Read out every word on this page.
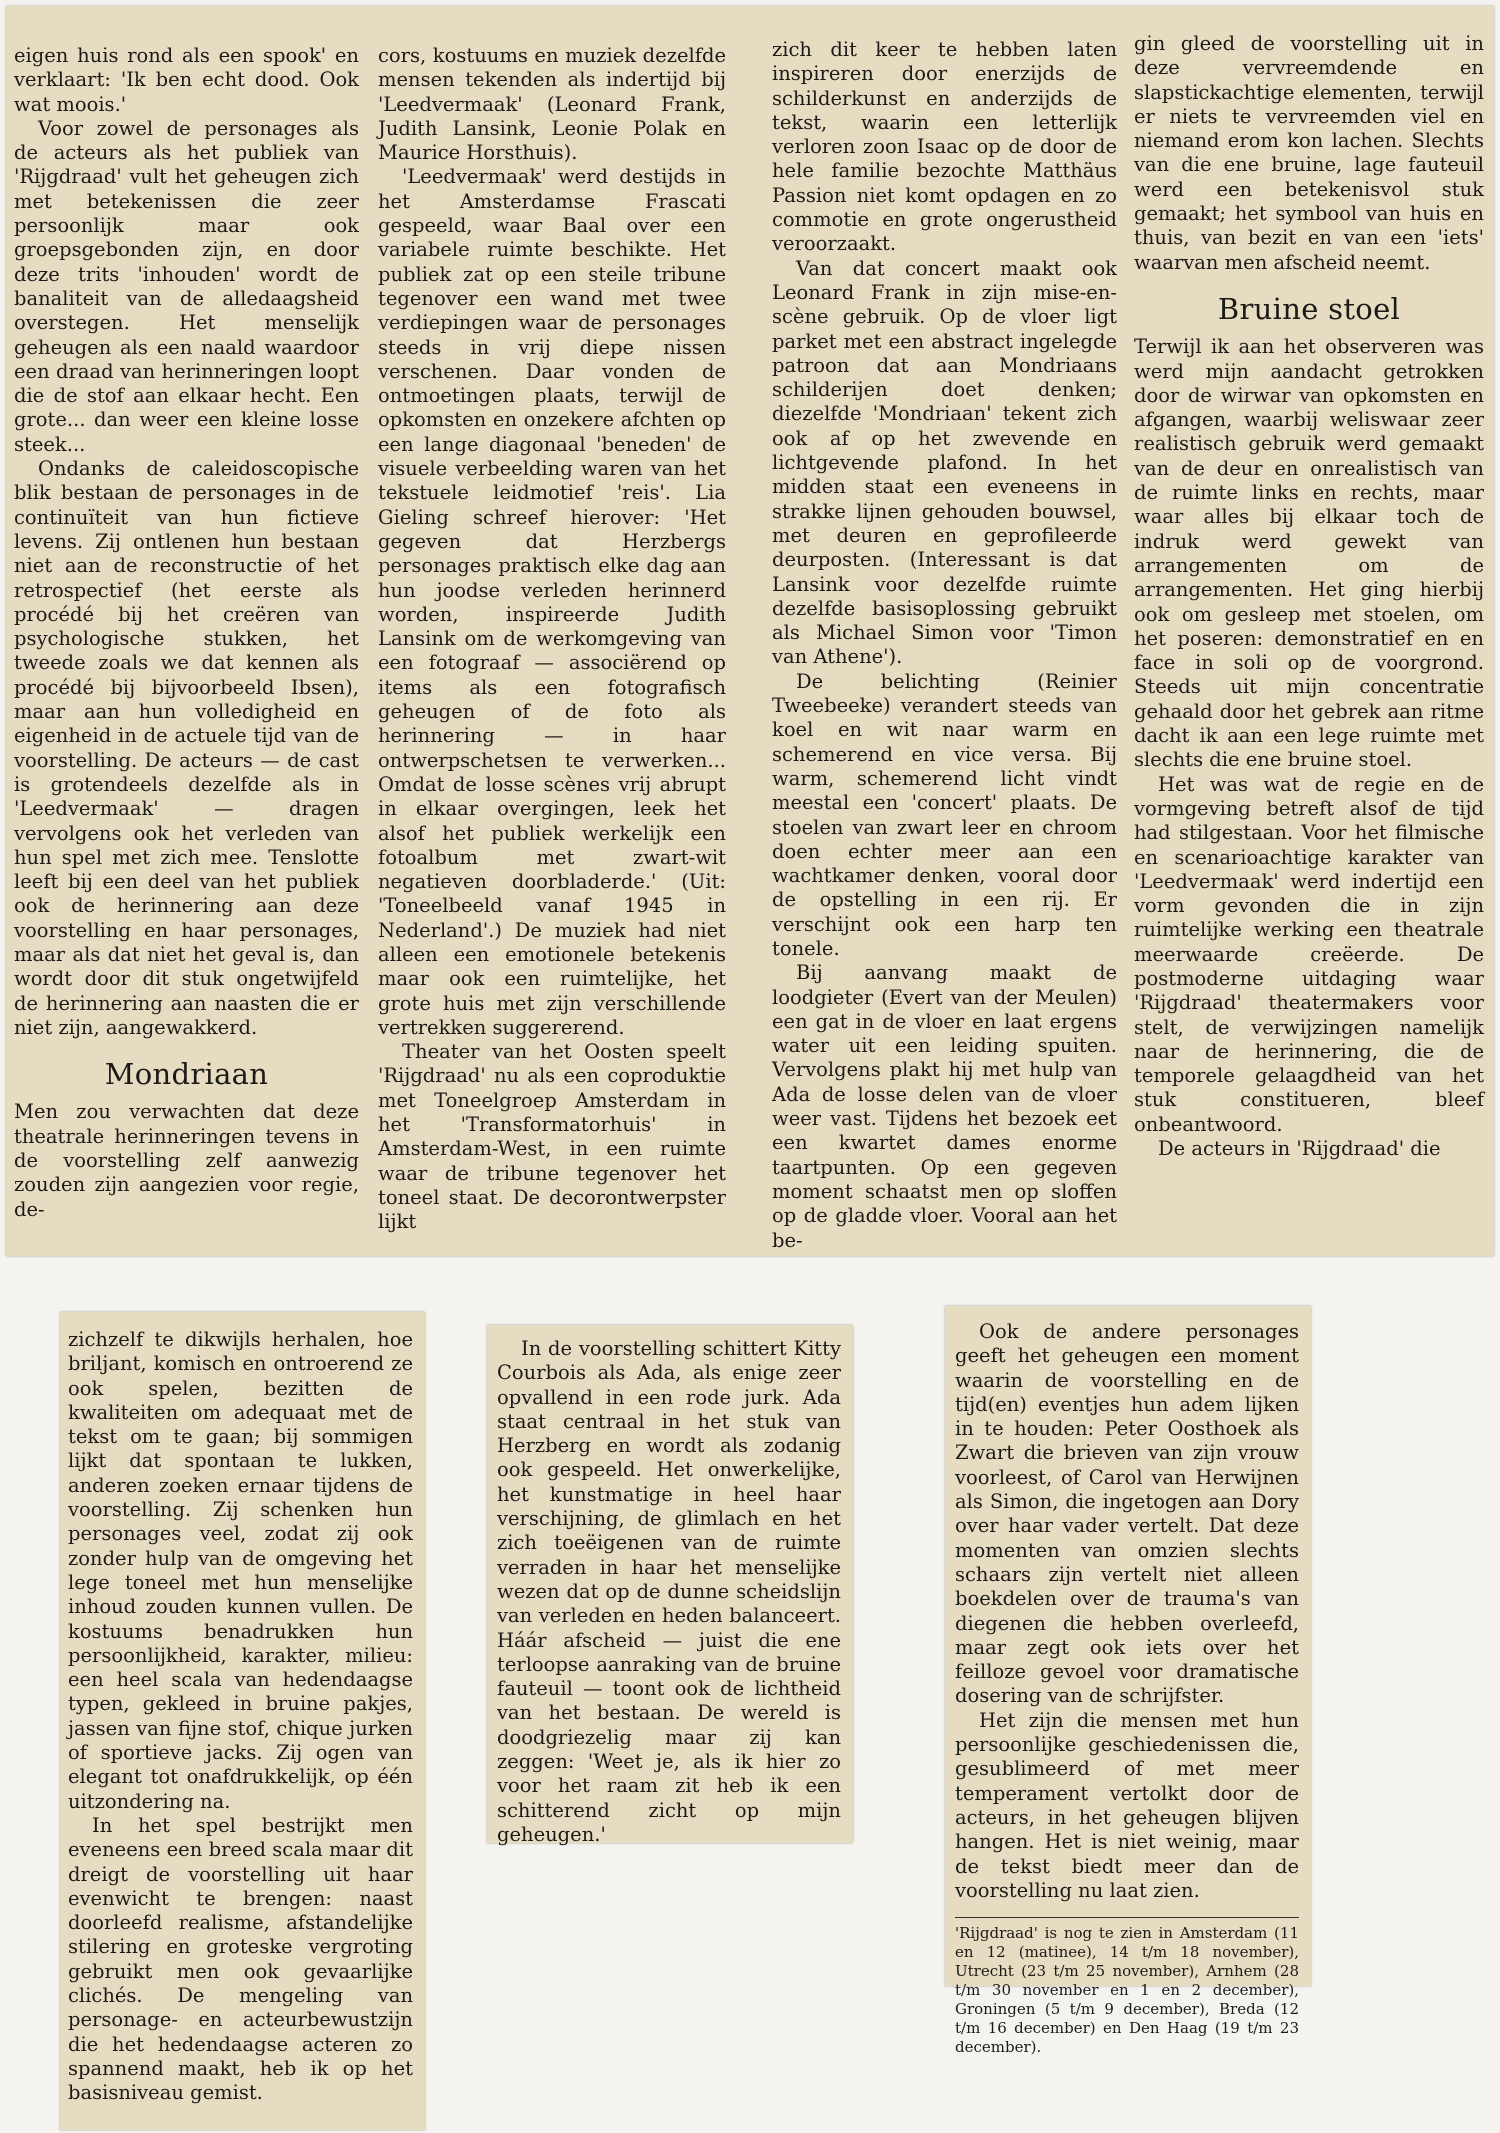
eigen huis rond als een spook' en verklaart: 'Ik ben echt dood. Ook wat moois.'

Voor zowel de personages als de acteurs als het publiek van 'Rijgdraad' vult het geheugen zich met betekenissen die zeer persoonlijk maar ook groepsgebonden zijn, en door deze trits 'inhouden' wordt de banaliteit van de alledaagsheid overstegen. Het menselijk geheugen als een naald waardoor een draad van herinneringen loopt die de stof aan elkaar hecht. Een grote... dan weer een kleine losse steek...

Ondanks de caleidoscopische blik bestaan de personages in de continuïteit van hun fictieve levens. Zij ontlenen hun bestaan niet aan de reconstructie of het retrospectief (het eerste als procédé bij het creëren van psychologische stukken, het tweede zoals we dat kennen als procédé bij bijvoorbeeld Ibsen), maar aan hun volledigheid en eigenheid in de actuele tijd van de voorstelling. De acteurs — de cast is grotendeels dezelfde als in 'Leedvermaak' — dragen vervolgens ook het verleden van hun spel met zich mee. Tenslotte leeft bij een deel van het publiek ook de herinnering aan deze voorstelling en haar personages, maar als dat niet het geval is, dan wordt door dit stuk ongetwijfeld de herinnering aan naasten die er niet zijn, aangewakkerd.

Mondriaan

Men zou verwachten dat deze theatrale herinneringen tevens in de voorstelling zelf aanwezig zouden zijn aangezien voor regie, de-

cors, kostuums en muziek dezelfde mensen tekenden als indertijd bij 'Leedvermaak' (Leonard Frank, Judith Lansink, Leonie Polak en Maurice Horsthuis).

'Leedvermaak' werd destijds in het Amsterdamse Frascati gespeeld, waar Baal over een variabele ruimte beschikte. Het publiek zat op een steile tribune tegenover een wand met twee verdiepingen waar de personages steeds in vrij diepe nissen verschenen. Daar vonden de ontmoetingen plaats, terwijl de opkomsten en onzekere afchten op een lange diagonaal 'beneden' de visuele verbeelding waren van het tekstuele leidmotief 'reis'. Lia Gieling schreef hierover: 'Het gegeven dat Herzbergs personages praktisch elke dag aan hun joodse verleden herinnerd worden, inspireerde Judith Lansink om de werkomgeving van een fotograaf — associërend op items als een fotografisch geheugen of de foto als herinnering — in haar ontwerpschetsen te verwerken... Omdat de losse scènes vrij abrupt in elkaar overgingen, leek het alsof het publiek werkelijk een fotoalbum met zwart-wit negatieven doorbladerde.' (Uit: 'Toneelbeeld vanaf 1945 in Nederland'.) De muziek had niet alleen een emotionele betekenis maar ook een ruimtelijke, het grote huis met zijn verschillende vertrekken suggererend.

Theater van het Oosten speelt 'Rijgdraad' nu als een coproduktie met Toneelgroep Amsterdam in het 'Transformatorhuis' in Amsterdam-West, in een ruimte waar de tribune tegenover het toneel staat. De decorontwerpster lijkt

zich dit keer te hebben laten inspireren door enerzijds de schilderkunst en anderzijds de tekst, waarin een letterlijk verloren zoon Isaac op de door de hele familie bezochte Matthäus Passion niet komt opdagen en zo commotie en grote ongerustheid veroorzaakt.

Van dat concert maakt ook Leonard Frank in zijn mise-en-scène gebruik. Op de vloer ligt parket met een abstract ingelegde patroon dat aan Mondriaans schilderijen doet denken; diezelfde 'Mondriaan' tekent zich ook af op het zwevende en lichtgevende plafond. In het midden staat een eveneens in strakke lijnen gehouden bouwsel, met deuren en geprofileerde deurposten. (Interessant is dat Lansink voor dezelfde ruimte dezelfde basisoplossing gebruikt als Michael Simon voor 'Timon van Athene').

De belichting (Reinier Tweebeeke) verandert steeds van koel en wit naar warm en schemerend en vice versa. Bij warm, schemerend licht vindt meestal een 'concert' plaats. De stoelen van zwart leer en chroom doen echter meer aan een wachtkamer denken, vooral door de opstelling in een rij. Er verschijnt ook een harp ten tonele.

Bij aanvang maakt de loodgieter (Evert van der Meulen) een gat in de vloer en laat ergens water uit een leiding spuiten. Vervolgens plakt hij met hulp van Ada de losse delen van de vloer weer vast. Tijdens het bezoek eet een kwartet dames enorme taartpunten. Op een gegeven moment schaatst men op sloffen op de gladde vloer. Vooral aan het be-

gin gleed de voorstelling uit in deze vervreemdende en slapstickachtige elementen, terwijl er niets te vervreemden viel en niemand erom kon lachen. Slechts van die ene bruine, lage fauteuil werd een betekenisvol stuk gemaakt; het symbool van huis en thuis, van bezit en van een 'iets' waarvan men afscheid neemt.

Bruine stoel

Terwijl ik aan het observeren was werd mijn aandacht getrokken door de wirwar van opkomsten en afgangen, waarbij weliswaar zeer realistisch gebruik werd gemaakt van de deur en onrealistisch van de ruimte links en rechts, maar waar alles bij elkaar toch de indruk werd gewekt van arrangementen om de arrangementen. Het ging hierbij ook om gesleep met stoelen, om het poseren: demonstratief en en face in soli op de voorgrond. Steeds uit mijn concentratie gehaald door het gebrek aan ritme dacht ik aan een lege ruimte met slechts die ene bruine stoel.

Het was wat de regie en de vormgeving betreft alsof de tijd had stilgestaan. Voor het filmische en scenarioachtige karakter van 'Leedvermaak' werd indertijd een vorm gevonden die in zijn ruimtelijke werking een theatrale meerwaarde creëerde. De postmoderne uitdaging waar 'Rijgdraad' theatermakers voor stelt, de verwijzingen namelijk naar de herinnering, die de temporele gelaagdheid van het stuk constitueren, bleef onbeantwoord.

De acteurs in 'Rijgdraad' die

zichzelf te dikwijls herhalen, hoe briljant, komisch en ontroerend ze ook spelen, bezitten de kwaliteiten om adequaat met de tekst om te gaan; bij sommigen lijkt dat spontaan te lukken, anderen zoeken ernaar tijdens de voorstelling. Zij schenken hun personages veel, zodat zij ook zonder hulp van de omgeving het lege toneel met hun menselijke inhoud zouden kunnen vullen. De kostuums benadrukken hun persoonlijkheid, karakter, milieu: een heel scala van hedendaagse typen, gekleed in bruine pakjes, jassen van fijne stof, chique jurken of sportieve jacks. Zij ogen van elegant tot onafdrukkelijk, op één uitzondering na.

In het spel bestrijkt men eveneens een breed scala maar dit dreigt de voorstelling uit haar evenwicht te brengen: naast doorleefd realisme, afstandelijke stilering en groteske vergroting gebruikt men ook gevaarlijke clichés. De mengeling van personage- en acteurbewustzijn die het hedendaagse acteren zo spannend maakt, heb ik op het basisniveau gemist.

In de voorstelling schittert Kitty Courbois als Ada, als enige zeer opvallend in een rode jurk. Ada staat centraal in het stuk van Herzberg en wordt als zodanig ook gespeeld. Het onwerkelijke, het kunstmatige in heel haar verschijning, de glimlach en het zich toeëigenen van de ruimte verraden in haar het menselijke wezen dat op de dunne scheidslijn van verleden en heden balanceert. Háár afscheid — juist die ene terloopse aanraking van de bruine fauteuil — toont ook de lichtheid van het bestaan. De wereld is doodgriezelig maar zij kan zeggen: 'Weet je, als ik hier zo voor het raam zit heb ik een schitterend zicht op mijn geheugen.'

Ook de andere personages geeft het geheugen een moment waarin de voorstelling en de tijd(en) eventjes hun adem lijken in te houden: Peter Oosthoek als Zwart die brieven van zijn vrouw voorleest, of Carol van Herwijnen als Simon, die ingetogen aan Dory over haar vader vertelt. Dat deze momenten van omzien slechts schaars zijn vertelt niet alleen boekdelen over de trauma's van diegenen die hebben overleefd, maar zegt ook iets over het feilloze gevoel voor dramatische dosering van de schrijfster.

Het zijn die mensen met hun persoonlijke geschiedenissen die, gesublimeerd of met meer temperament vertolkt door de acteurs, in het geheugen blijven hangen. Het is niet weinig, maar de tekst biedt meer dan de voorstelling nu laat zien.

'Rijgdraad' is nog te zien in Amsterdam (11 en 12 (matinee), 14 t/m 18 november), Utrecht (23 t/m 25 november), Arnhem (28 t/m 30 november en 1 en 2 december), Groningen (5 t/m 9 december), Breda (12 t/m 16 december) en Den Haag (19 t/m 23 december).
